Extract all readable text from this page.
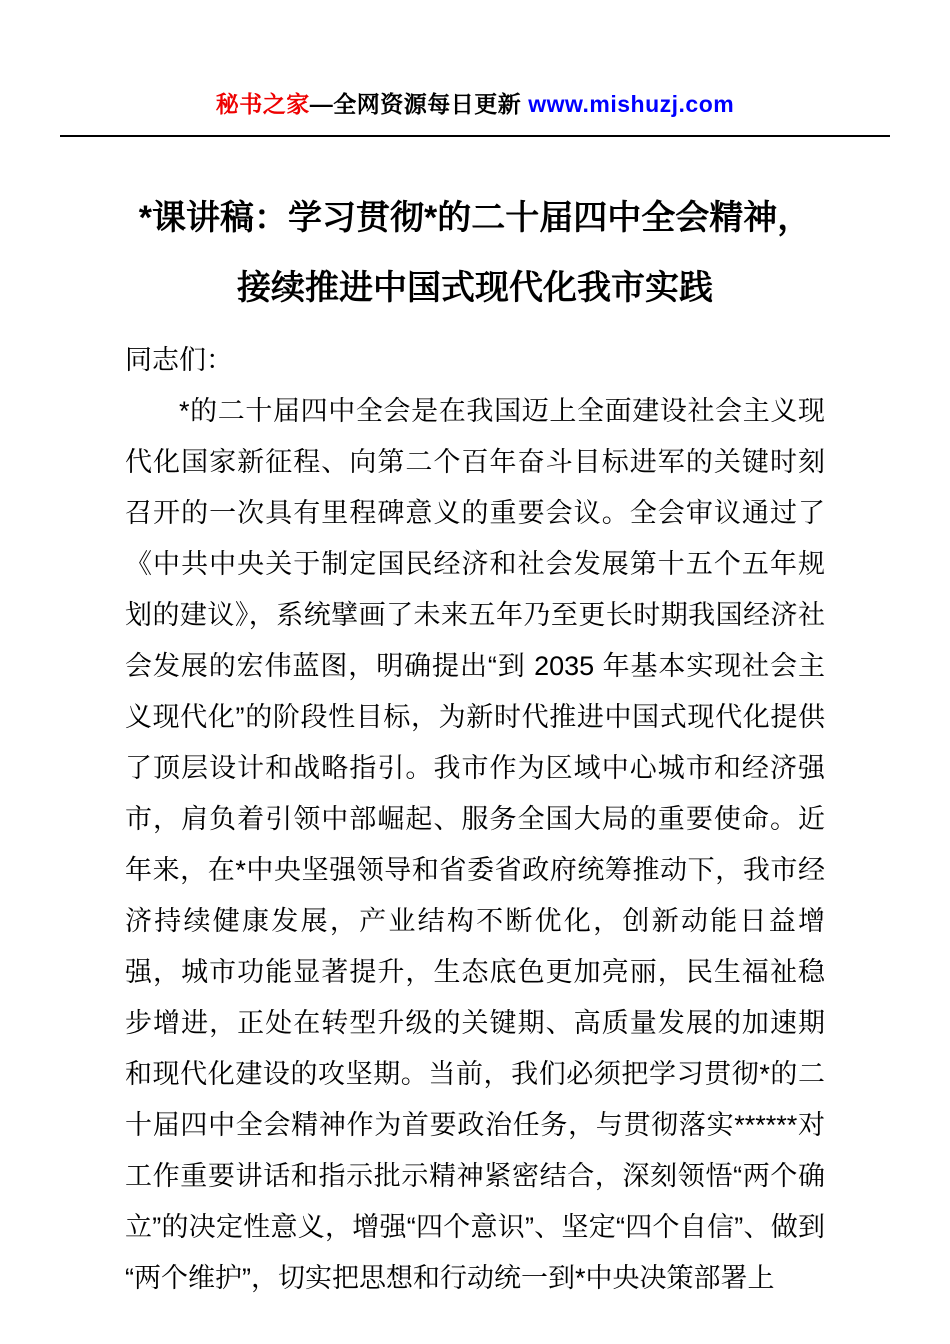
秘书之家—全网资源每日更新 www.mishuzj.com

*课讲稿：学习贯彻*的二十届四中全会精神，
接续推进中国式现代化我市实践

同志们：

*的二十届四中全会是在我国迈上全面建设社会主义现代化国家新征程、向第二个百年奋斗目标进军的关键时刻召开的一次具有里程碑意义的重要会议。全会审议通过了《中共中央关于制定国民经济和社会发展第十五个五年规划的建议》，系统擘画了未来五年乃至更长时期我国经济社会发展的宏伟蓝图，明确提出“到 2035 年基本实现社会主义现代化”的阶段性目标，为新时代推进中国式现代化提供了顶层设计和战略指引。我市作为区域中心城市和经济强市，肩负着引领中部崛起、服务全国大局的重要使命。近年来，在*中央坚强领导和省委省政府统筹推动下，我市经济持续健康发展，产业结构不断优化，创新动能日益增强，城市功能显著提升，生态底色更加亮丽，民生福祉稳步增进，正处在转型升级的关键期、高质量发展的加速期和现代化建设的攻坚期。当前，我们必须把学习贯彻*的二十届四中全会精神作为首要政治任务，与贯彻落实******对工作重要讲话和指示批示精神紧密结合，深刻领悟“两个确立”的决定性意义，增强“四个意识”、坚定“四个自信”、做到“两个维护”，切实把思想和行动统一到*中央决策部署上
